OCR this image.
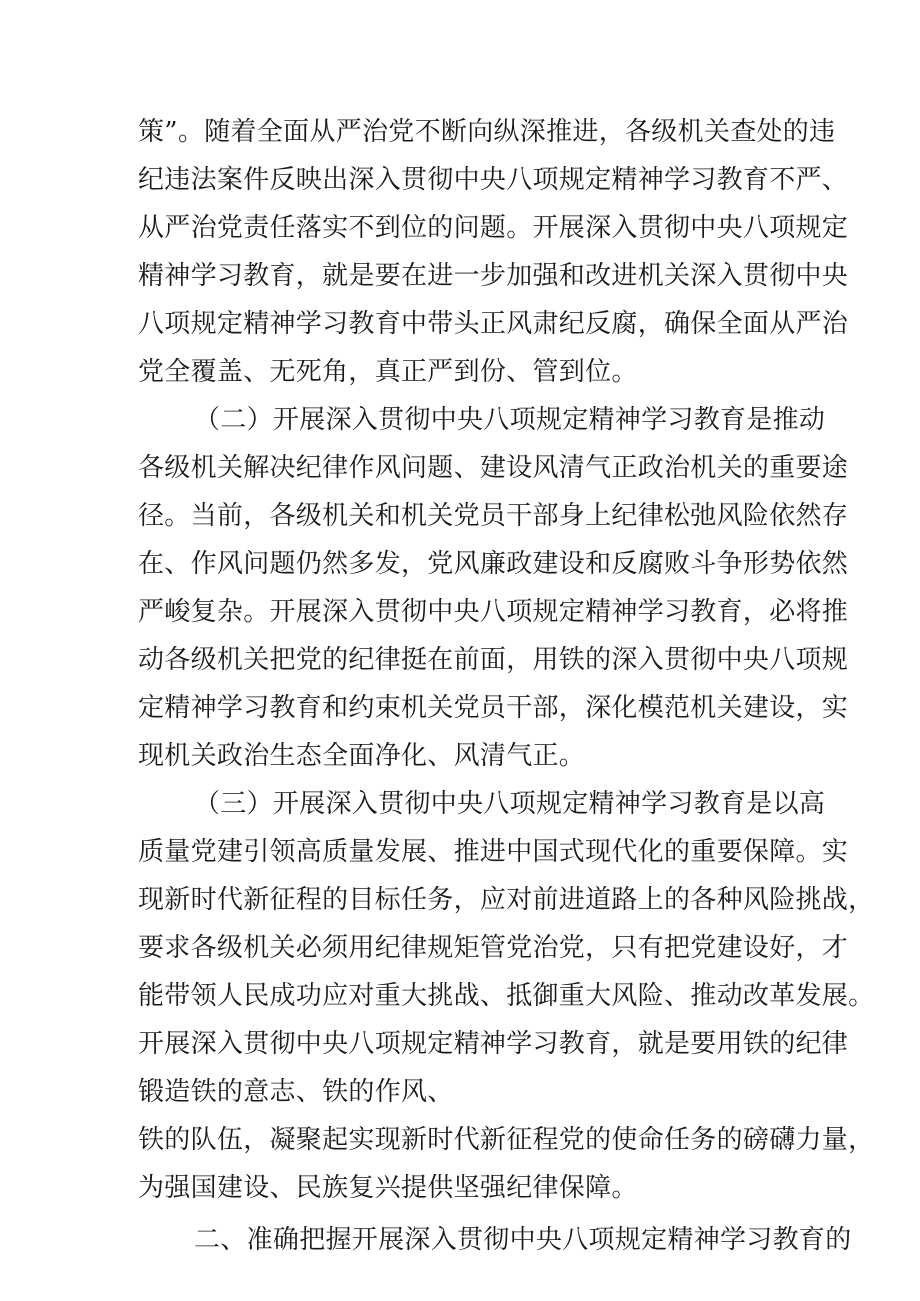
策”。随着全面从严治党不断向纵深推进，各级机关查处的违
纪违法案件反映出深入贯彻中央八项规定精神学习教育不严、
从严治党责任落实不到位的问题。开展深入贯彻中央八项规定
精神学习教育，就是要在进一步加强和改进机关深入贯彻中央
八项规定精神学习教育中带头正风肃纪反腐，确保全面从严治
党全覆盖、无死角，真正严到份、管到位。
（二）开展深入贯彻中央八项规定精神学习教育是推动
各级机关解决纪律作风问题、建设风清气正政治机关的重要途
径。当前，各级机关和机关党员干部身上纪律松弛风险依然存
在、作风问题仍然多发，党风廉政建设和反腐败斗争形势依然
严峻复杂。开展深入贯彻中央八项规定精神学习教育，必将推
动各级机关把党的纪律挺在前面，用铁的深入贯彻中央八项规
定精神学习教育和约束机关党员干部，深化模范机关建设，实
现机关政治生态全面净化、风清气正。
（三）开展深入贯彻中央八项规定精神学习教育是以高
质量党建引领高质量发展、推进中国式现代化的重要保障。实
现新时代新征程的目标任务，应对前进道路上的各种风险挑战，
要求各级机关必须用纪律规矩管党治党，只有把党建设好，才
能带领人民成功应对重大挑战、抵御重大风险、推动改革发展。
开展深入贯彻中央八项规定精神学习教育，就是要用铁的纪律
锻造铁的意志、铁的作风、
铁的队伍，凝聚起实现新时代新征程党的使命任务的磅礴力量，
为强国建设、民族复兴提供坚强纪律保障。
二、准确把握开展深入贯彻中央八项规定精神学习教育的
